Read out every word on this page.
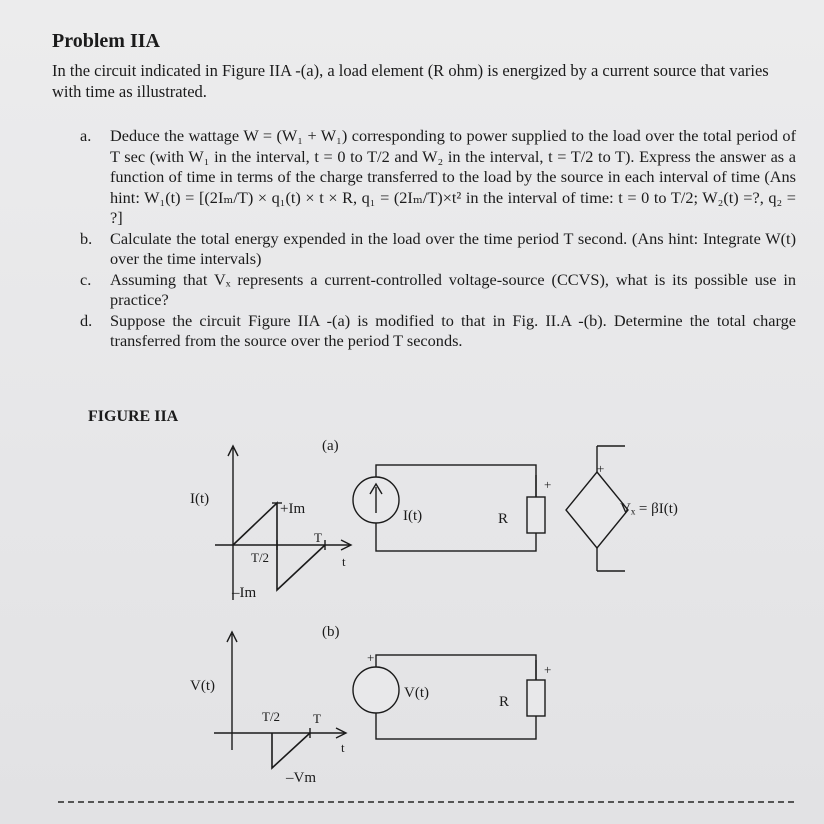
Problem IIA
In the circuit indicated in Figure IIA -(a), a load element (R ohm) is energized by a current source that varies with time as illustrated.
a.	Deduce the wattage W = (W₁ + W₁) corresponding to power supplied to the load over the total period of T sec (with W₁ in the interval, t = 0 to T/2 and W₂ in the interval, t = T/2 to T). Express the answer as a function of time in terms of the charge transferred to the load by the source in each interval of time (Ans hint: W₁(t) = [(2Iₘ/T) × q₁(t) × t × R, q₁ = (2Iₘ/T)×t² in the interval of time: t = 0 to T/2; W₂(t) =?, q₂ = ?]
b.	Calculate the total energy expended in the load over the time period T second. (Ans hint: Integrate W(t) over the time intervals)
c.	Assuming that Vₓ represents a current-controlled voltage-source (CCVS), what is its possible use in practice?
d.	Suppose the circuit Figure IIA -(a) is modified to that in Fig. II.A -(b). Determine the total charge transferred from the source over the period T seconds.
FIGURE IIA
(a)
I(t)
+Im
T/2
T
t
–Im
I(t)	R
+
+
Vₓ = βI(t)
(b)
V(t)
T/2	T
t
–Vm
+
V(t)
R
+
